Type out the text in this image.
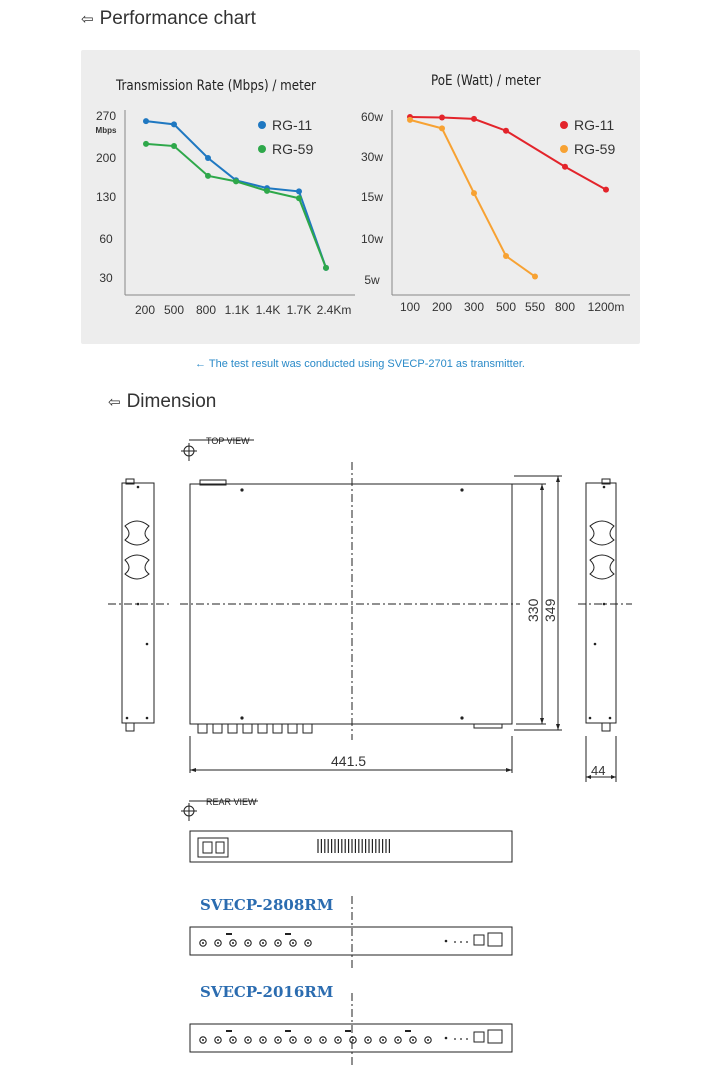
⇦ Performance chart
Transmission Rate (Mbps) / meter	PoE (Watt) / meter
270
200
130
60
30
Mbps
200 500 800 1.1K 1.4K 1.7K 2.4Km
RG-11
RG-59
60w
30w
15w
10w
5w
100 200 300 500 550 800 1200m
RG-11
RG-59
← The test result was conducted using SVECP-2701 as transmitter.
⇦ Dimension
TOP VIEW
REAR VIEW
441.5
330 349
44
SVECP-2808RM
SVECP-2016RM
